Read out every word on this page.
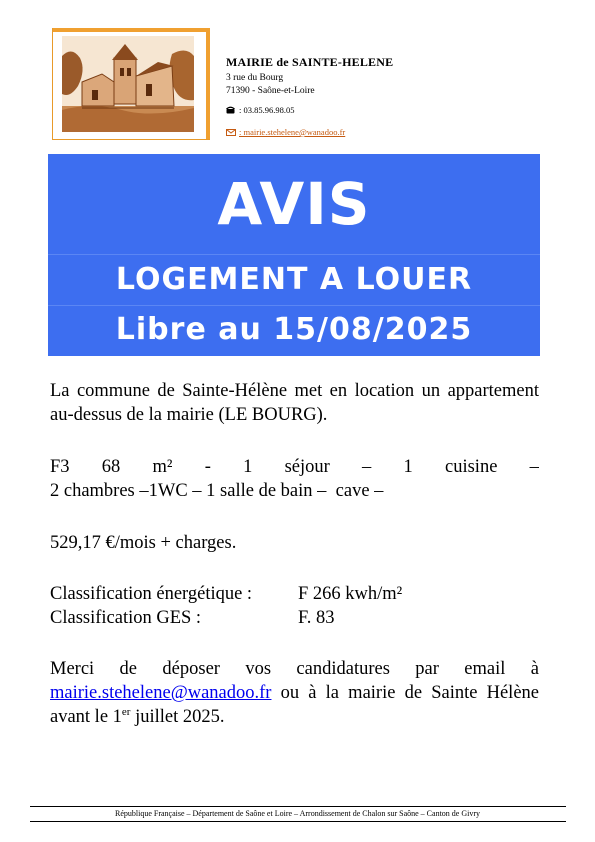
MAIRIE de SAINTE-HELENE
3 rue du Bourg
71390 - Saône-et-Loire
: 03.85.96.98.05
: mairie.stehelene@wanadoo.fr
AVIS
LOGEMENT A LOUER
Libre au 15/08/2025
La commune de Sainte-Hélène met en location un appartement au-dessus de la mairie (LE BOURG).
F3 68 m² - 1 séjour – 1 cuisine –
2 chambres –1WC – 1 salle de bain –  cave –
529,17 €/mois + charges.
Classification énergétique : F 266 kwh/m²
Classification GES :	F. 83
Merci de déposer vos candidatures par email à mairie.stehelene@wanadoo.fr ou à la mairie de Sainte Hélène avant le 1er juillet 2025.
République Française – Département de Saône et Loire – Arrondissement de Chalon sur Saône – Canton de Givry
